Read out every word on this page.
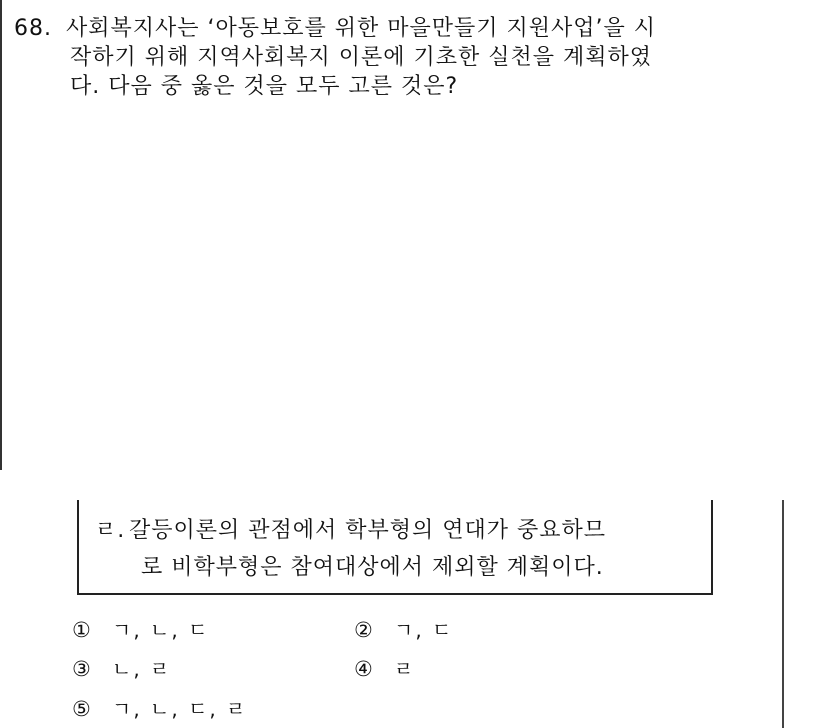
68. 사회복지사는 ‘아동보호를 위한 마을만들기 지원사업’을 시
작하기 위해 지역사회복지 이론에 기초한 실천을 계획하였
다. 다음 중 옳은 것을 모두 고른 것은?
ㄹ. 갈등이론의 관점에서 학부형의 연대가 중요하므
로 비학부형은 참여대상에서 제외할 계획이다.
① ㄱ, ㄴ, ㄷ	② ㄱ, ㄷ
③ ㄴ, ㄹ	④ ㄹ
⑤ ㄱ, ㄴ, ㄷ, ㄹ
